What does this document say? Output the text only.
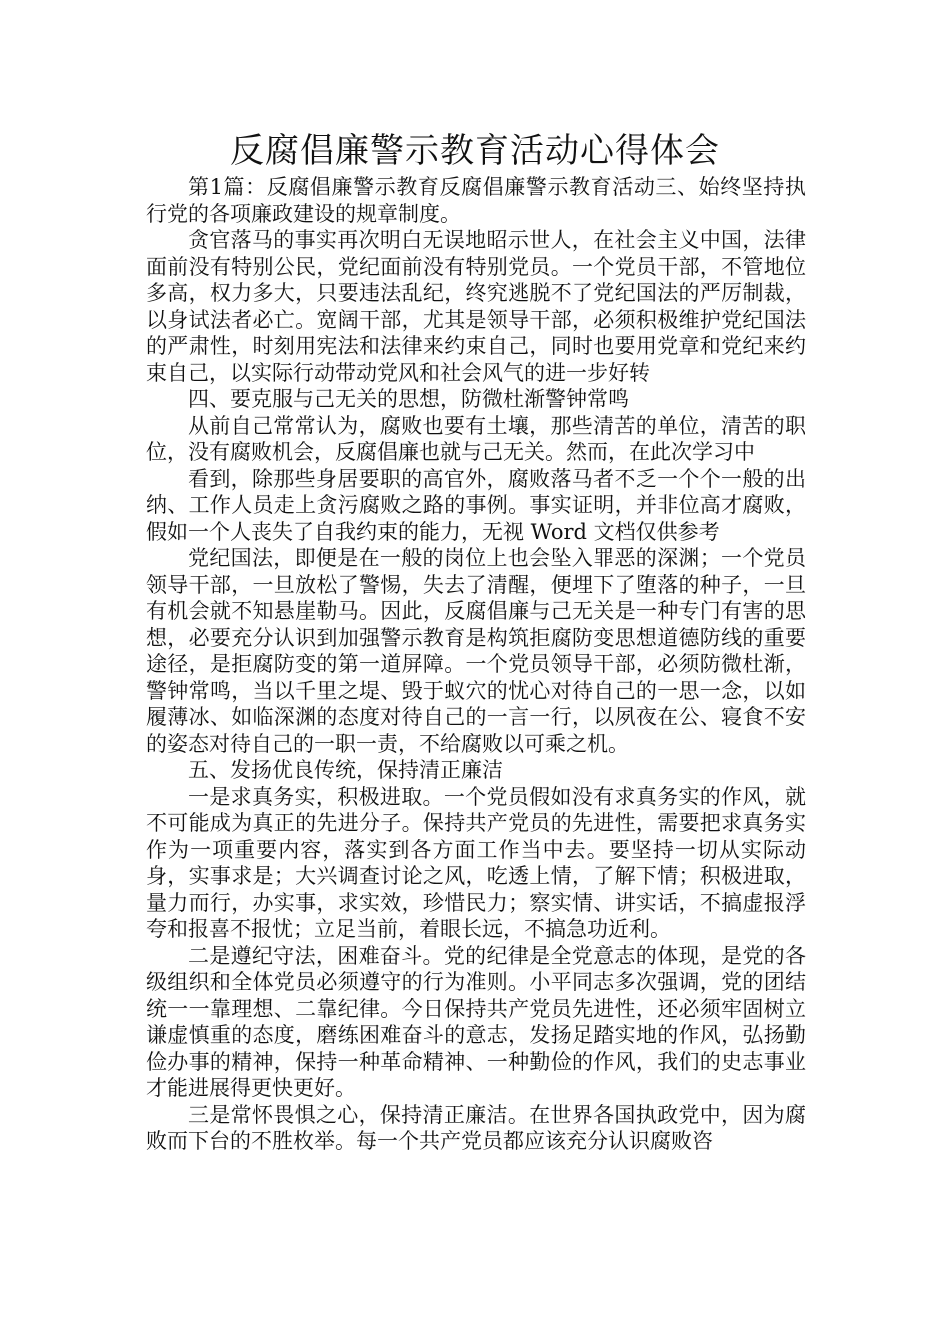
反腐倡廉警示教育活动心得体会

第1篇：反腐倡廉警示教育反腐倡廉警示教育活动三、始终坚持执行党的各项廉政建设的规章制度。

贪官落马的事实再次明白无误地昭示世人，在社会主义中国，法律面前没有特别公民，党纪面前没有特别党员。一个党员干部，不管地位多高，权力多大，只要违法乱纪，终究逃脱不了党纪国法的严厉制裁，以身试法者必亡。宽阔干部，尤其是领导干部，必须积极维护党纪国法的严肃性，时刻用宪法和法律来约束自己，同时也要用党章和党纪来约束自己，以实际行动带动党风和社会风气的进一步好转

四、要克服与己无关的思想，防微杜渐警钟常鸣

从前自己常常认为，腐败也要有土壤，那些清苦的单位，清苦的职位，没有腐败机会，反腐倡廉也就与己无关。然而，在此次学习中

看到，除那些身居要职的高官外，腐败落马者不乏一个个一般的出纳、工作人员走上贪污腐败之路的事例。事实证明，并非位高才腐败，假如一个人丧失了自我约束的能力，无视 Word 文档仅供参考

党纪国法，即便是在一般的岗位上也会坠入罪恶的深渊；一个党员领导干部，一旦放松了警惕，失去了清醒，便埋下了堕落的种子，一旦有机会就不知悬崖勒马。因此，反腐倡廉与己无关是一种专门有害的思想，必要充分认识到加强警示教育是构筑拒腐防变思想道德防线的重要途径，是拒腐防变的第一道屏障。一个党员领导干部，必须防微杜渐，警钟常鸣，当以千里之堤、毁于蚁穴的忧心对待自己的一思一念，以如履薄冰、如临深渊的态度对待自己的一言一行，以夙夜在公、寝食不安的姿态对待自己的一职一责，不给腐败以可乘之机。

五、发扬优良传统，保持清正廉洁

一是求真务实，积极进取。一个党员假如没有求真务实的作风，就不可能成为真正的先进分子。保持共产党员的先进性，需要把求真务实作为一项重要内容，落实到各方面工作当中去。要坚持一切从实际动身，实事求是；大兴调查讨论之风，吃透上情，了解下情；积极进取，量力而行，办实事，求实效，珍惜民力；察实情、讲实话，不搞虚报浮夸和报喜不报忧；立足当前，着眼长远，不搞急功近利。

二是遵纪守法，困难奋斗。党的纪律是全党意志的体现，是党的各级组织和全体党员必须遵守的行为准则。小平同志多次强调，党的团结统一一靠理想、二靠纪律。今日保持共产党员先进性，还必须牢固树立谦虚慎重的态度，磨练困难奋斗的意志，发扬足踏实地的作风，弘扬勤俭办事的精神，保持一种革命精神、一种勤俭的作风，我们的史志事业才能进展得更快更好。

三是常怀畏惧之心，保持清正廉洁。在世界各国执政党中，因为腐败而下台的不胜枚举。每一个共产党员都应该充分认识腐败咨
